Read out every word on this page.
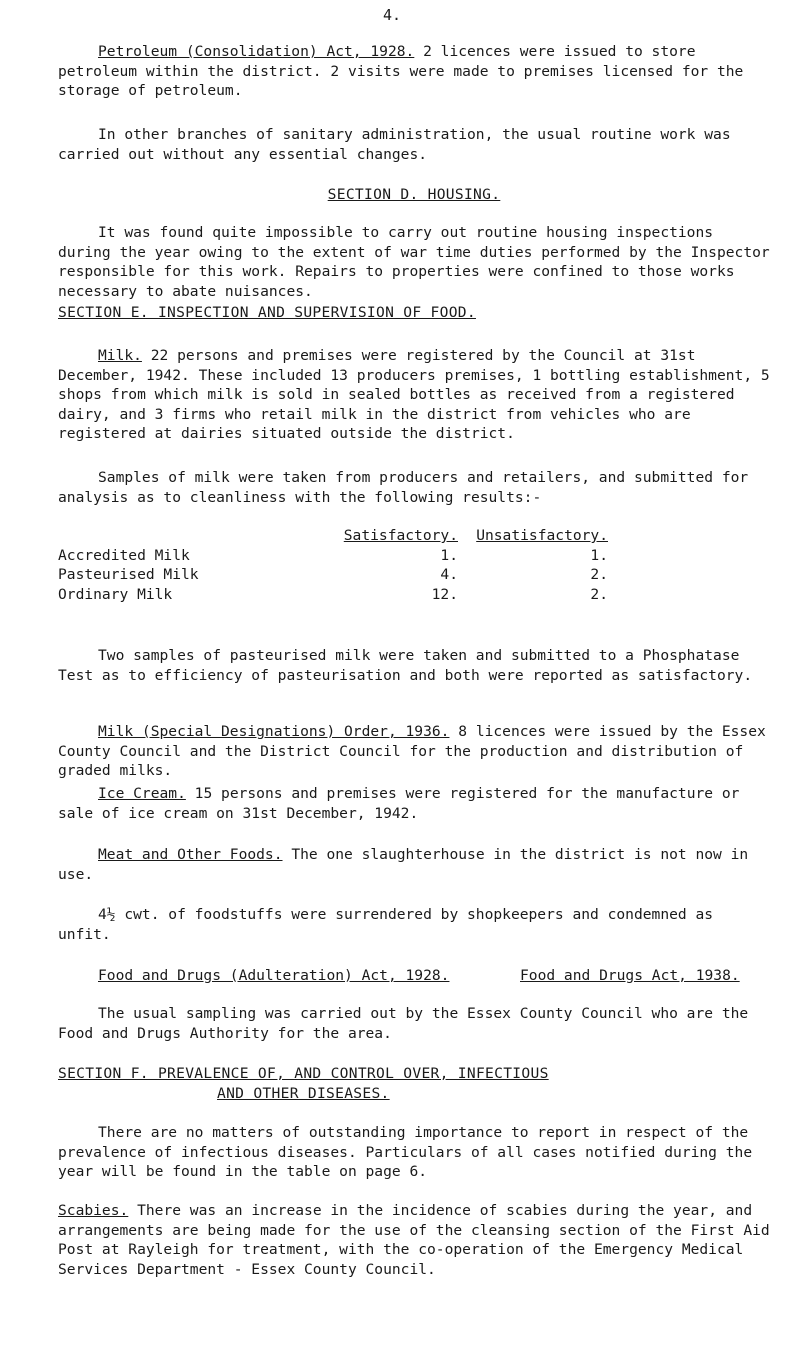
4.

Petroleum (Consolidation) Act, 1928. 2 licences were issued to store petroleum within the district. 2 visits were made to premises licensed for the storage of petroleum.

In other branches of sanitary administration, the usual routine work was carried out without any essential changes.

SECTION D. HOUSING.

It was found quite impossible to carry out routine housing inspections during the year owing to the extent of war time duties performed by the Inspector responsible for this work. Repairs to properties were confined to those works necessary to abate nuisances.

SECTION E. INSPECTION AND SUPERVISION OF FOOD.

Milk. 22 persons and premises were registered by the Council at 31st December, 1942. These included 13 producers premises, 1 bottling establishment, 5 shops from which milk is sold in sealed bottles as received from a registered dairy, and 3 firms who retail milk in the district from vehicles who are registered at dairies situated outside the district.

Samples of milk were taken from producers and retailers, and submitted for analysis as to cleanliness with the following results:-

	Satisfactory.	Unsatisfactory.
Accredited Milk	1.	1.
Pasteurised Milk	4.	2.
Ordinary Milk	12.	2.

Two samples of pasteurised milk were taken and submitted to a Phosphatase Test as to efficiency of pasteurisation and both were reported as satisfactory.

Milk (Special Designations) Order, 1936. 8 licences were issued by the Essex County Council and the District Council for the production and distribution of graded milks.

Ice Cream. 15 persons and premises were registered for the manufacture or sale of ice cream on 31st December, 1942.

Meat and Other Foods. The one slaughterhouse in the district is not now in use.

4½ cwt. of foodstuffs were surrendered by shopkeepers and condemned as unfit.

Food and Drugs (Adulteration) Act, 1928.	Food and Drugs Act, 1938.

The usual sampling was carried out by the Essex County Council who are the Food and Drugs Authority for the area.

SECTION F. PREVALENCE OF, AND CONTROL OVER, INFECTIOUS
AND OTHER DISEASES.

There are no matters of outstanding importance to report in respect of the prevalence of infectious diseases. Particulars of all cases notified during the year will be found in the table on page 6.

Scabies. There was an increase in the incidence of scabies during the year, and arrangements are being made for the use of the cleansing section of the First Aid Post at Rayleigh for treatment, with the co-operation of the Emergency Medical Services Department - Essex County Council.
